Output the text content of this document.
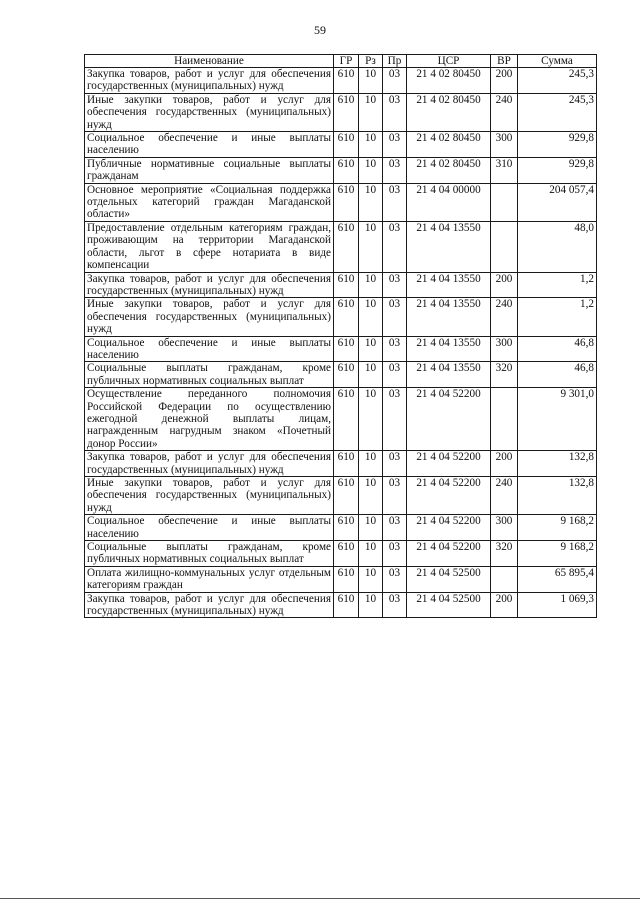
59
Наименование	ГР	Рз	Пр	ЦСР	ВР	Сумма
Закупка товаров, работ и услуг для обеспечения государственных (муниципальных) нужд	610	10	03	21 4 02 80450	200	245,3
Иные закупки товаров, работ и услуг для обеспечения государственных (муниципальных) нужд	610	10	03	21 4 02 80450	240	245,3
Социальное обеспечение и иные выплаты населению	610	10	03	21 4 02 80450	300	929,8
Публичные нормативные социальные выплаты гражданам	610	10	03	21 4 02 80450	310	929,8
Основное мероприятие «Социальная поддержка отдельных категорий граждан Магаданской области»	610	10	03	21 4 04 00000		204 057,4
Предоставление отдельным категориям граждан, проживающим на территории Магаданской области, льгот в сфере нотариата в виде компенсации	610	10	03	21 4 04 13550		48,0
Закупка товаров, работ и услуг для обеспечения государственных (муниципальных) нужд	610	10	03	21 4 04 13550	200	1,2
Иные закупки товаров, работ и услуг для обеспечения государственных (муниципальных) нужд	610	10	03	21 4 04 13550	240	1,2
Социальное обеспечение и иные выплаты населению	610	10	03	21 4 04 13550	300	46,8
Социальные выплаты гражданам, кроме публичных нормативных социальных выплат	610	10	03	21 4 04 13550	320	46,8
Осуществление переданного полномочия Российской Федерации по осуществлению ежегодной денежной выплаты лицам, награжденным нагрудным знаком «Почетный донор России»	610	10	03	21 4 04 52200		9 301,0
Закупка товаров, работ и услуг для обеспечения государственных (муниципальных) нужд	610	10	03	21 4 04 52200	200	132,8
Иные закупки товаров, работ и услуг для обеспечения государственных (муниципальных) нужд	610	10	03	21 4 04 52200	240	132,8
Социальное обеспечение и иные выплаты населению	610	10	03	21 4 04 52200	300	9 168,2
Социальные выплаты гражданам, кроме публичных нормативных социальных выплат	610	10	03	21 4 04 52200	320	9 168,2
Оплата жилищно-коммунальных услуг отдельным категориям граждан	610	10	03	21 4 04 52500		65 895,4
Закупка товаров, работ и услуг для обеспечения государственных (муниципальных) нужд	610	10	03	21 4 04 52500	200	1 069,3
